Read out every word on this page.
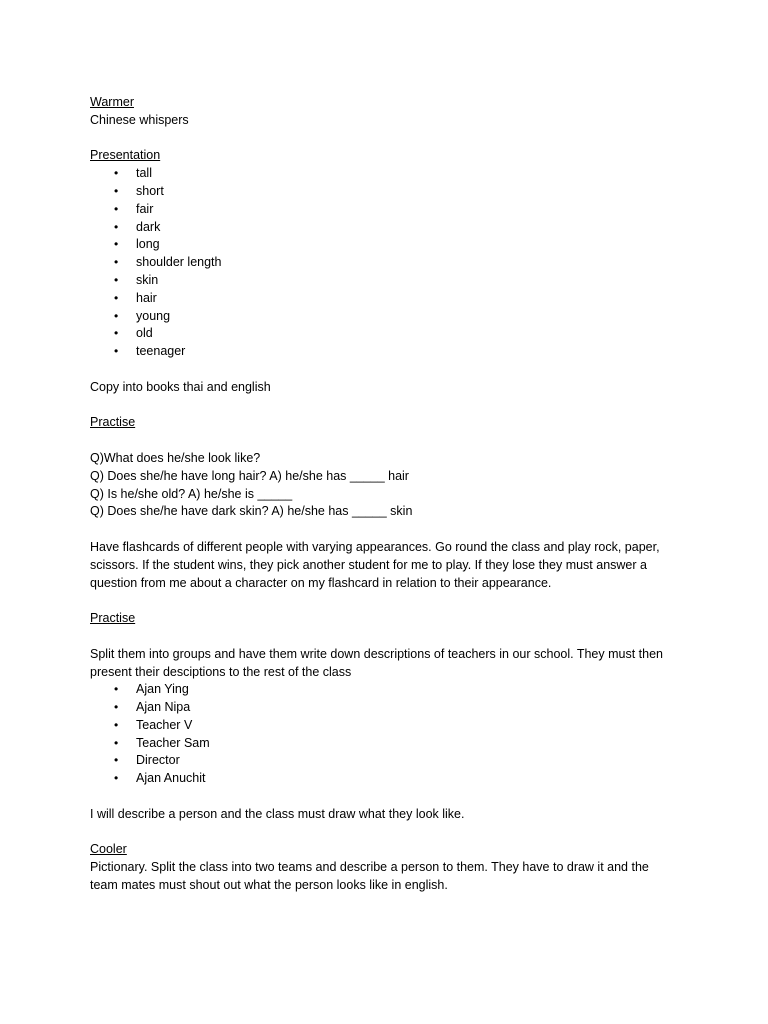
Warmer
Chinese whispers
Presentation
• tall
• short
• fair
• dark
• long
• shoulder length
• skin
• hair
• young
• old
• teenager
Copy into books thai and english
Practise
Q)What does he/she look like?
Q) Does she/he have long hair? A) he/she has _____ hair
Q) Is he/she old? A) he/she is _____
Q) Does she/he have dark skin? A) he/she has _____ skin
Have flashcards of different people with varying appearances. Go round the class and play rock, paper,
scissors. If the student wins, they pick another student for me to play. If they lose they must answer a
question from me about a character on my flashcard in relation to their appearance.
Practise
Split them into groups and have them write down descriptions of teachers in our school. They must then
present their desciptions to the rest of the class
• Ajan Ying
• Ajan Nipa
• Teacher V
• Teacher Sam
• Director
• Ajan Anuchit
I will describe a person and the class must draw what they look like.
Cooler
Pictionary. Split the class into two teams and describe a person to them. They have to draw it and the
team mates must shout out what the person looks like in english.
